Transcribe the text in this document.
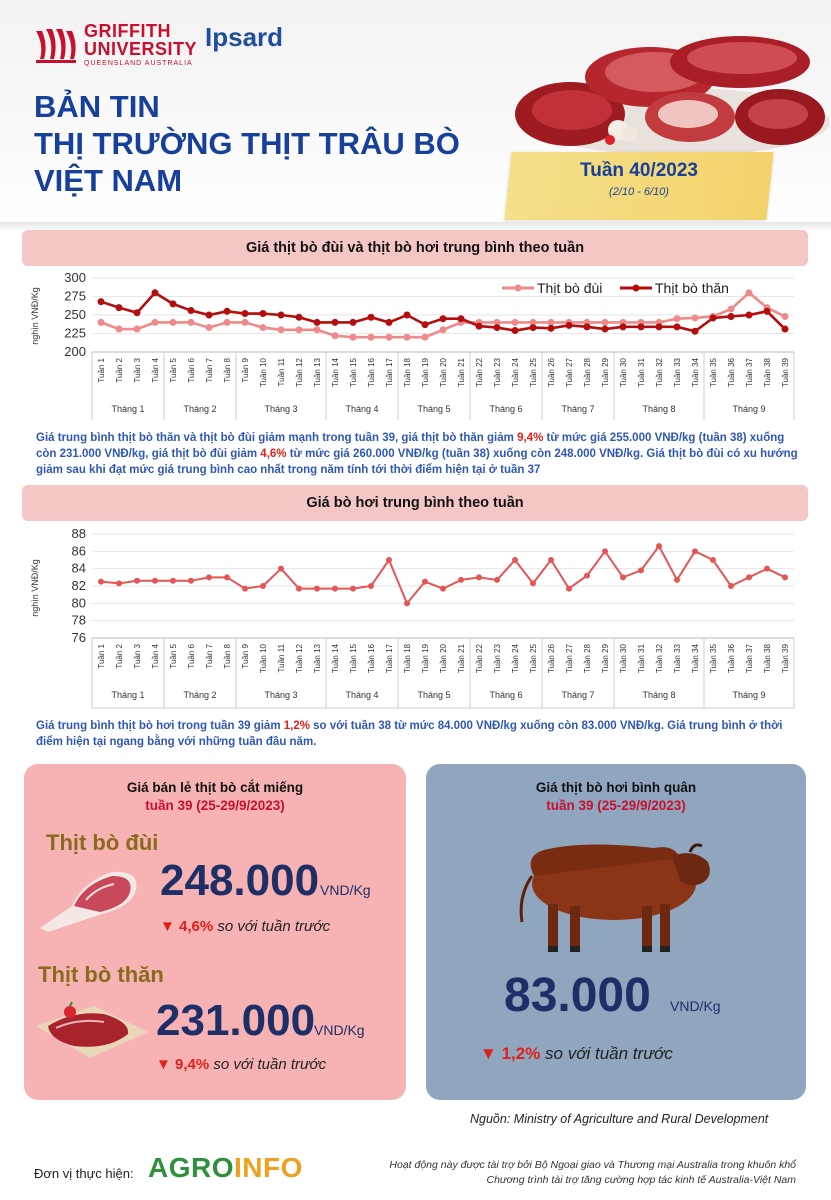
GRIFFITH
UNIVERSITY
QUEENSLAND AUSTRALIA
Ipsard
BẢN TIN
THỊ TRƯỜNG THỊT TRÂU BÒ
VIỆT NAM	Tuần 40/2023
(2/10 - 6/10)
Giá thịt bò đùi và thịt bò hơi trung bình theo tuần
200
225
250
275
300
nghìn VNĐ/Kg
Tuần 1 Tuần 2 Tuần 3 Tuần 4 Tuần 5 Tuần 6 Tuần 7 Tuần 8 Tuần 9 Tuần 10 Tuần 11 Tuần 12 Tuần 13 Tuần 14 Tuần 15 Tuần 16 Tuần 17 Tuần 18 Tuần 19 Tuần 20 Tuần 21 Tuần 22 Tuần 23 Tuần 24 Tuần 25 Tuần 26 Tuần 27 Tuần 28 Tuần 29 Tuần 30 Tuần 31 Tuần 32 Tuần 33 Tuần 34 Tuần 35 Tuần 36 Tuần 37 Tuần 38 Tuần 39
Tháng 1	Tháng 2	Tháng 3	Tháng 4	Tháng 5	Tháng 6	Tháng 7	Tháng 8	Tháng 9
Thịt bò đùi	Thịt bò thăn
Giá trung bình thịt bò thăn và thịt bò đùi giảm mạnh trong tuần 39, giá thịt bò thăn giảm 9,4% từ mức giá 255.000 VNĐ/kg (tuần 38) xuống còn 231.000 VNĐ/kg, giá thịt bò đùi giảm 4,6% từ mức giá 260.000 VNĐ/kg (tuần 38) xuống còn 248.000 VNĐ/kg. Giá thịt bò đùi có xu hướng giảm sau khi đạt mức giá trung bình cao nhất trong năm tính tới thời điểm hiện tại ở tuần 37
Giá bò hơi trung bình theo tuần
76
78
80
82
84
86
88
nghìn VNĐ/Kg
Tuần 1 Tuần 2 Tuần 3 Tuần 4 Tuần 5 Tuần 6 Tuần 7 Tuần 8 Tuần 9 Tuần 10 Tuần 11 Tuần 12 Tuần 13 Tuần 14 Tuần 15 Tuần 16 Tuần 17 Tuần 18 Tuần 19 Tuần 20 Tuần 21 Tuần 22 Tuần 23 Tuần 24 Tuần 25 Tuần 26 Tuần 27 Tuần 28 Tuần 29 Tuần 30 Tuần 31 Tuần 32 Tuần 33 Tuần 34 Tuần 35 Tuần 36 Tuần 37 Tuần 38 Tuần 39
Tháng 1	Tháng 2	Tháng 3	Tháng 4	Tháng 5	Tháng 6	Tháng 7	Tháng 8	Tháng 9
Giá trung bình thịt bò hơi trong tuần 39 giảm 1,2% so với tuần 38 từ mức 84.000 VNĐ/kg xuống còn 83.000 VNĐ/kg. Giá trung bình ở thời điểm hiện tại ngang bằng với những tuần đầu năm.
Giá bán lẻ thịt bò cắt miếng
tuần 39 (25-29/9/2023)
Thịt bò đùi
248.000 VND/Kg
▼ 4,6% so với tuần trước
Thịt bò thăn
231.000
VND/Kg
▼ 9,4% so với tuần trước
Giá thịt bò hơi bình quân
tuần 39 (25-29/9/2023)
83.000 VND/Kg
▼ 1,2% so với tuần trước
Nguồn: Ministry of Agriculture and Rural Development
Đơn vị thực hiện: AGROINFO	Hoạt động này được tài trợ bởi Bộ Ngoại giao và Thương mại Australia trong khuôn khổ
Chương trình tài trợ tăng cường hợp tác kinh tế Australia-Việt Nam
